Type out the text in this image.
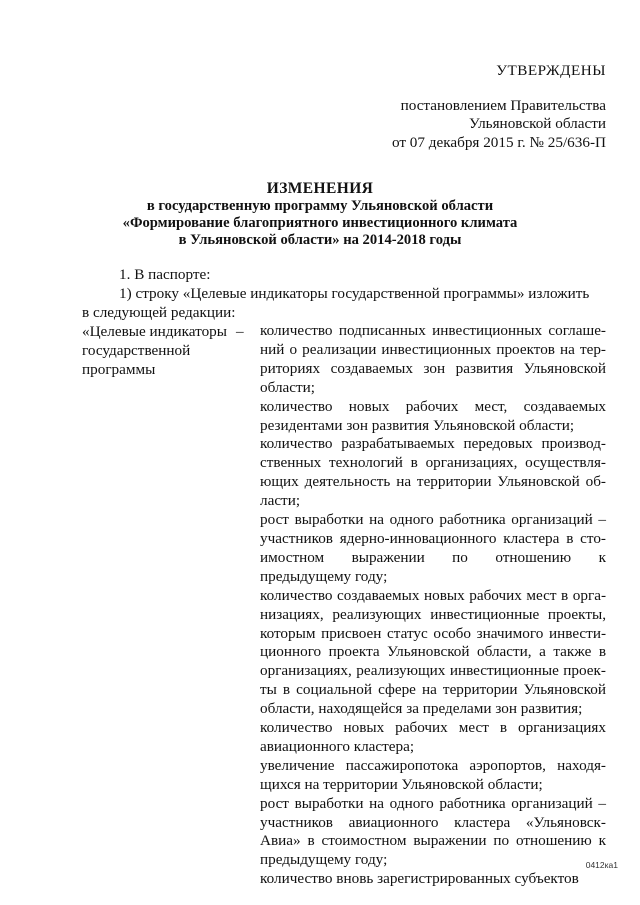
УТВЕРЖДЕНЫ
постановлением Правительства
Ульяновской области
от 07 декабря 2015 г. № 25/636-П
ИЗМЕНЕНИЯ
в государственную программу Ульяновской области
«Формирование благоприятного инвестиционного климата
в Ульяновской области» на 2014-2018 годы
1. В паспорте:
1) строку «Целевые индикаторы государственной программы» изложить
в следующей редакции:
«Целевые индикаторы государственной программы
– количество подписанных инвестиционных соглаше-ний о реализации инвестиционных проектов на тер-риториях создаваемых зон развития Ульяновской области;
количество новых рабочих мест, создаваемых резидентами зон развития Ульяновской области;
количество разрабатываемых передовых производ-ственных технологий в организациях, осуществля-ющих деятельность на территории Ульяновской об-ласти;
рост выработки на одного работника организаций – участников ядерно-инновационного кластера в сто-имостном выражении по отношению к предыдущему году;
количество создаваемых новых рабочих мест в орга-низациях, реализующих инвестиционные проекты, которым присвоен статус особо значимого инвести-ционного проекта Ульяновской области, а также в организациях, реализующих инвестиционные проек-ты в социальной сфере на территории Ульяновской области, находящейся за пределами зон развития;
количество новых рабочих мест в организациях авиационного кластера;
увеличение пассажиропотока аэропортов, находя-щихся на территории Ульяновской области;
рост выработки на одного работника организаций – участников авиационного кластера «Ульяновск-Авиа» в стоимостном выражении по отношению к предыдущему году;
количество вновь зарегистрированных субъектов
0412ка1
